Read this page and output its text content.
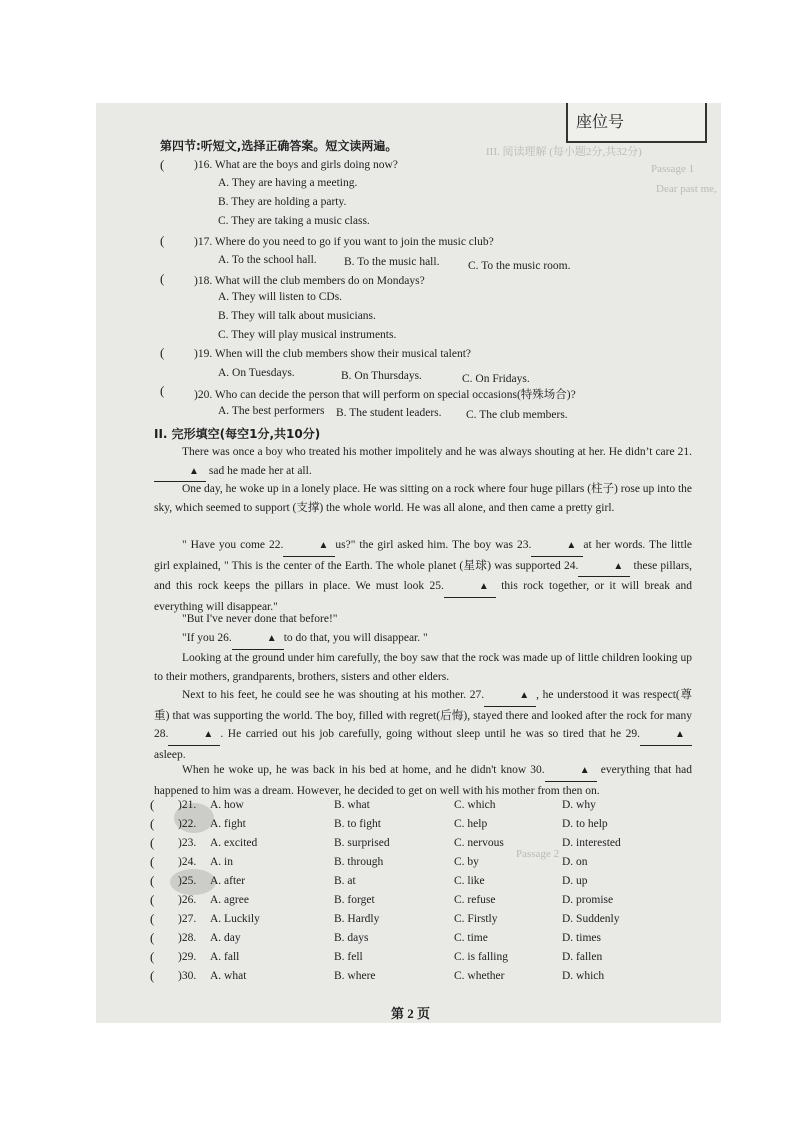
III. 阅读理解 (每小题2分,共32分)
Passage 1
Dear past me,
Passage 2
座位号
第四节:听短文,选择正确答案。短文读两遍。
(	)16. What are the boys and girls doing now?
A. They are having a meeting.
B. They are holding a party.
C. They are taking a music class.
(	)17. Where do you need to go if you want to join the music club?
A. To the school hall. B. To the music hall. C. To the music room.
(	)18. What will the club members do on Mondays?
A. They will listen to CDs.
B. They will talk about musicians.
C. They will play musical instruments.
(	)19. When will the club members show their musical talent?
A. On Tuesdays.	B. On Thursdays.	C. On Fridays.
(	)20. Who can decide the person that will perform on special occasions(特殊场合)?
A. The best performers B. The student leaders. C. The club members.
II. 完形填空(每空1分,共10分)
There was once a boy who treated his mother impolitely and he was always shouting at her. He didn’t care 21.▲ sad he made her at all.
One day, he woke up in a lonely place. He was sitting on a rock where four huge pillars (柱子) rose up into the sky, which seemed to support (支撑) the whole world. He was all alone, and then came a pretty girl.
" Have you come 22.	▲ us?" the girl asked him. The boy was 23.	▲ at her words. The little girl explained, " This is the center of the Earth. The whole planet (星球) was supported 24.	▲ these pillars, and this rock keeps the pillars in place. We must look 25.	▲ this rock together, or it will break and everything will disappear."
"But I've never done that before!"
"If you 26.	▲ to do that, you will disappear. "
Looking at the ground under him carefully, the boy saw that the rock was made up of little children looking up to their mothers, grandparents, brothers, sisters and other elders.
Next to his feet, he could see he was shouting at his mother. 27.	▲ , he understood it was respect(尊重) that was supporting the world. The boy, filled with regret(后悔), stayed there and looked after the rock for many 28.	▲ . He carried out his job carefully, going without sleep until he was so tired that he 29.	▲asleep.
When he woke up, he was back in his bed at home, and he didn't know 30.	▲ everything that had happened to him was a dream. However, he decided to get on well with his mother from then on.
( )21. A. how	B. what	C. which	D. why
( )22. A. fight	B. to fight	C. help	D. to help
( )23. A. excited	B. surprised	C. nervous	D. interested
( )24. A. in	B. through	C. by	D. on
( )25. A. after	B. at	C. like	D. up
( )26. A. agree	B. forget	C. refuse	D. promise
( )27. A. Luckily	B. Hardly	C. Firstly	D. Suddenly
( )28. A. day	B. days	C. time	D. times
( )29. A. fall	B. fell	C. is falling	D. fallen
( )30. A. what	B. where	C. whether	D. which
第 2 页
